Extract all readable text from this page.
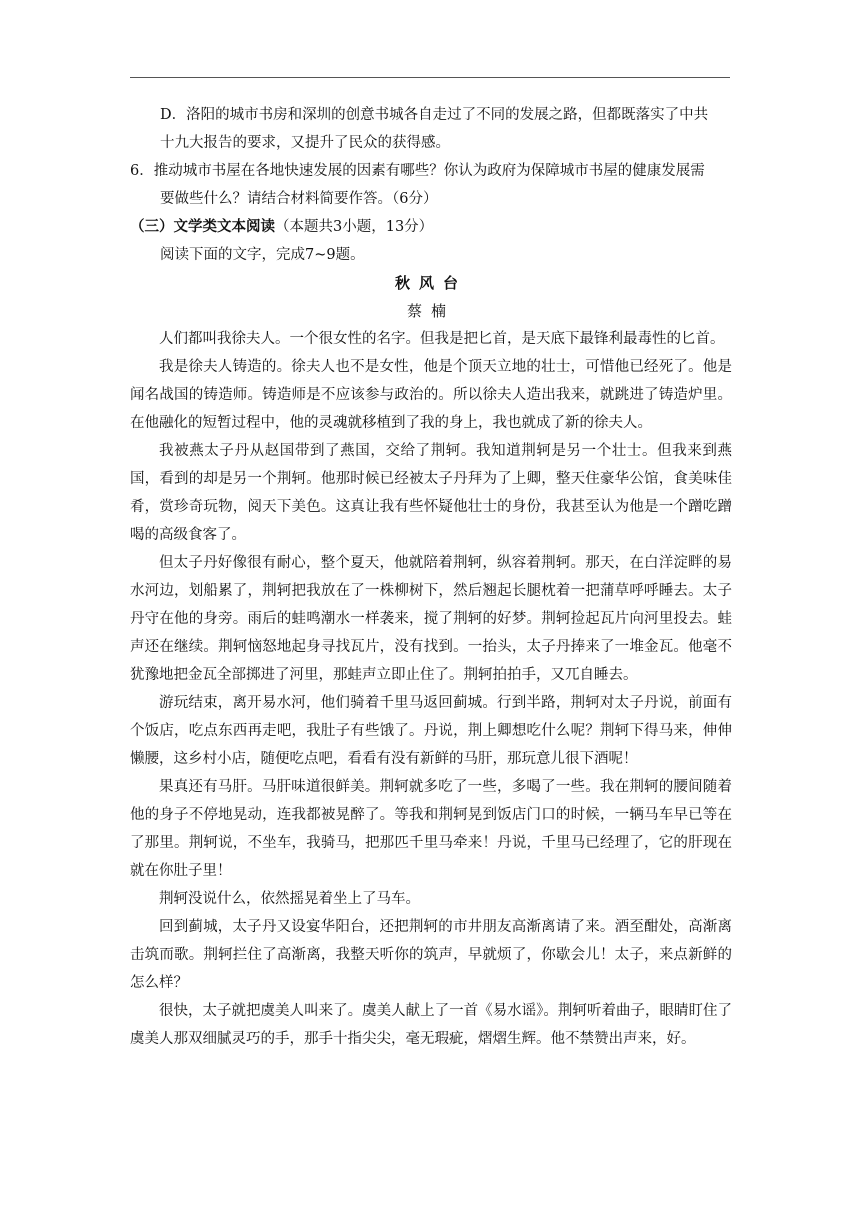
D．洛阳的城市书房和深圳的创意书城各自走过了不同的发展之路，但都既落实了中共
十九大报告的要求，又提升了民众的获得感。
6．推动城市书屋在各地快速发展的因素有哪些？你认为政府为保障城市书屋的健康发展需
要做些什么？请结合材料简要作答。（6分）
（三）文学类文本阅读（本题共3小题，13分）
阅读下面的文字，完成7~9题。
秋风台
蔡楠

人们都叫我徐夫人。一个很女性的名字。但我是把匕首，是天底下最锋利最毒性的匕首。

我是徐夫人铸造的。徐夫人也不是女性，他是个顶天立地的壮士，可惜他已经死了。他是闻名战国的铸造师。铸造师是不应该参与政治的。所以徐夫人造出我来，就跳进了铸造炉里。在他融化的短暂过程中，他的灵魂就移植到了我的身上，我也就成了新的徐夫人。

我被燕太子丹从赵国带到了燕国，交给了荆轲。我知道荆轲是另一个壮士。但我来到燕国，看到的却是另一个荆轲。他那时候已经被太子丹拜为了上卿，整天住豪华公馆，食美味佳肴，赏珍奇玩物，阅天下美色。这真让我有些怀疑他壮士的身份，我甚至认为他是一个蹭吃蹭喝的高级食客了。

但太子丹好像很有耐心，整个夏天，他就陪着荆轲，纵容着荆轲。那天，在白洋淀畔的易水河边，划船累了，荆轲把我放在了一株柳树下，然后翘起长腿枕着一把蒲草呼呼睡去。太子丹守在他的身旁。雨后的蛙鸣潮水一样袭来，搅了荆轲的好梦。荆轲捡起瓦片向河里投去。蛙声还在继续。荆轲恼怒地起身寻找瓦片，没有找到。一抬头，太子丹捧来了一堆金瓦。他毫不犹豫地把金瓦全部掷进了河里，那蛙声立即止住了。荆轲拍拍手，又兀自睡去。

游玩结束，离开易水河，他们骑着千里马返回蓟城。行到半路，荆轲对太子丹说，前面有个饭店，吃点东西再走吧，我肚子有些饿了。丹说，荆上卿想吃什么呢？荆轲下得马来，伸伸懒腰，这乡村小店，随便吃点吧，看看有没有新鲜的马肝，那玩意儿很下酒呢！

果真还有马肝。马肝味道很鲜美。荆轲就多吃了一些，多喝了一些。我在荆轲的腰间随着他的身子不停地晃动，连我都被晃醉了。等我和荆轲晃到饭店门口的时候，一辆马车早已等在了那里。荆轲说，不坐车，我骑马，把那匹千里马牵来！丹说，千里马已经理了，它的肝现在就在你肚子里！

荆轲没说什么，依然摇晃着坐上了马车。

回到蓟城，太子丹又设宴华阳台，还把荆轲的市井朋友高渐离请了来。酒至酣处，高渐离击筑而歌。荆轲拦住了高渐离，我整天听你的筑声，早就烦了，你歇会儿！太子，来点新鲜的怎么样？

很快，太子就把虞美人叫来了。虞美人献上了一首《易水谣》。荆轲听着曲子，眼睛盯住了虞美人那双细腻灵巧的手，那手十指尖尖，毫无瑕疵，熠熠生辉。他不禁赞出声来，好。
